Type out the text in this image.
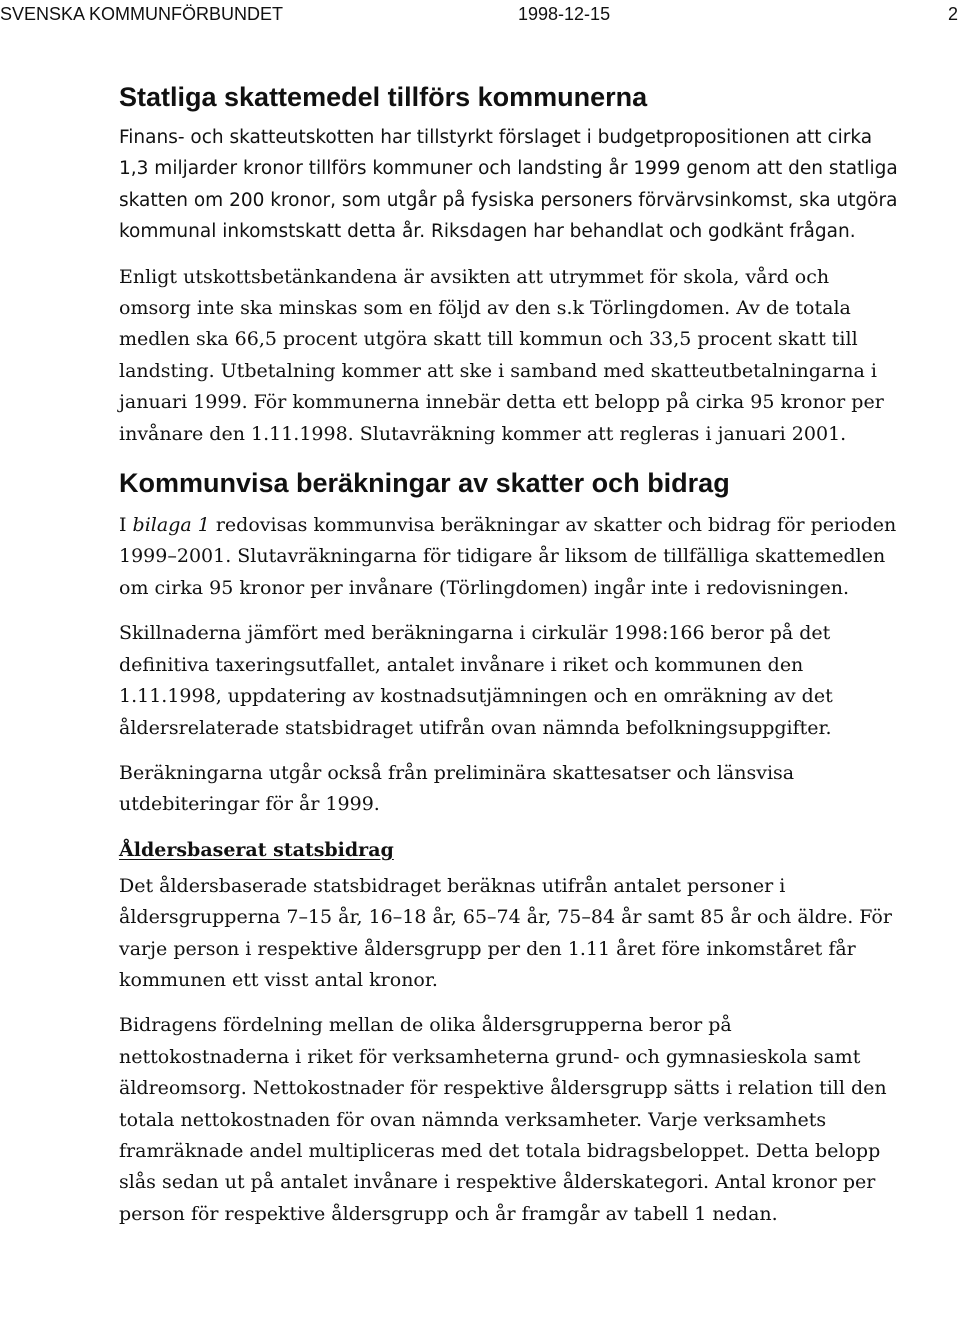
SVENSKA KOMMUNFÖRBUNDET	1998-12-15	2
Statliga skattemedel tillförs kommunerna

Finans- och skatteutskotten har tillstyrkt förslaget i budgetpropositionen att cirka 1,3 miljarder kronor tillförs kommuner och landsting år 1999 genom att den statliga skatten om 200 kronor, som utgår på fysiska personers förvärvsinkomst, ska utgöra kommunal inkomstskatt detta år. Riksdagen har behandlat och godkänt frågan.

Enligt utskottsbetänkandena är avsikten att utrymmet för skola, vård och omsorg inte ska minskas som en följd av den s.k Törlingdomen. Av de totala medlen ska 66,5 procent utgöra skatt till kommun och 33,5 procent skatt till landsting. Utbetalning kommer att ske i samband med skatteutbetalningarna i januari 1999. För kommunerna innebär detta ett belopp på cirka 95 kronor per invånare den 1.11.1998. Slutavräkning kommer att regleras i januari 2001.

Kommunvisa beräkningar av skatter och bidrag

I bilaga 1 redovisas kommunvisa beräkningar av skatter och bidrag för perioden 1999–2001. Slutavräkningarna för tidigare år liksom de tillfälliga skattemedlen om cirka 95 kronor per invånare (Törlingdomen) ingår inte i redovisningen.

Skillnaderna jämfört med beräkningarna i cirkulär 1998:166 beror på det definitiva taxeringsutfallet, antalet invånare i riket och kommunen den 1.11.1998, uppdatering av kostnadsutjämningen och en omräkning av det åldersrelaterade statsbidraget utifrån ovan nämnda befolkningsuppgifter.

Beräkningarna utgår också från preliminära skattesatser och länsvisa utdebiteringar för år 1999.

Åldersbaserat statsbidrag

Det åldersbaserade statsbidraget beräknas utifrån antalet personer i åldersgrupperna 7–15 år, 16–18 år, 65–74 år, 75–84 år samt 85 år och äldre. För varje person i respektive åldersgrupp per den 1.11 året före inkomståret får kommunen ett visst antal kronor.

Bidragens fördelning mellan de olika åldersgrupperna beror på nettokostnaderna i riket för verksamheterna grund- och gymnasieskola samt äldreomsorg. Nettokostnader för respektive åldersgrupp sätts i relation till den totala nettokostnaden för ovan nämnda verksamheter. Varje verksamhets framräknade andel multipliceras med det totala bidragsbeloppet. Detta belopp slås sedan ut på antalet invånare i respektive ålderskategori. Antal kronor per person för respektive åldersgrupp och år framgår av tabell 1 nedan.
